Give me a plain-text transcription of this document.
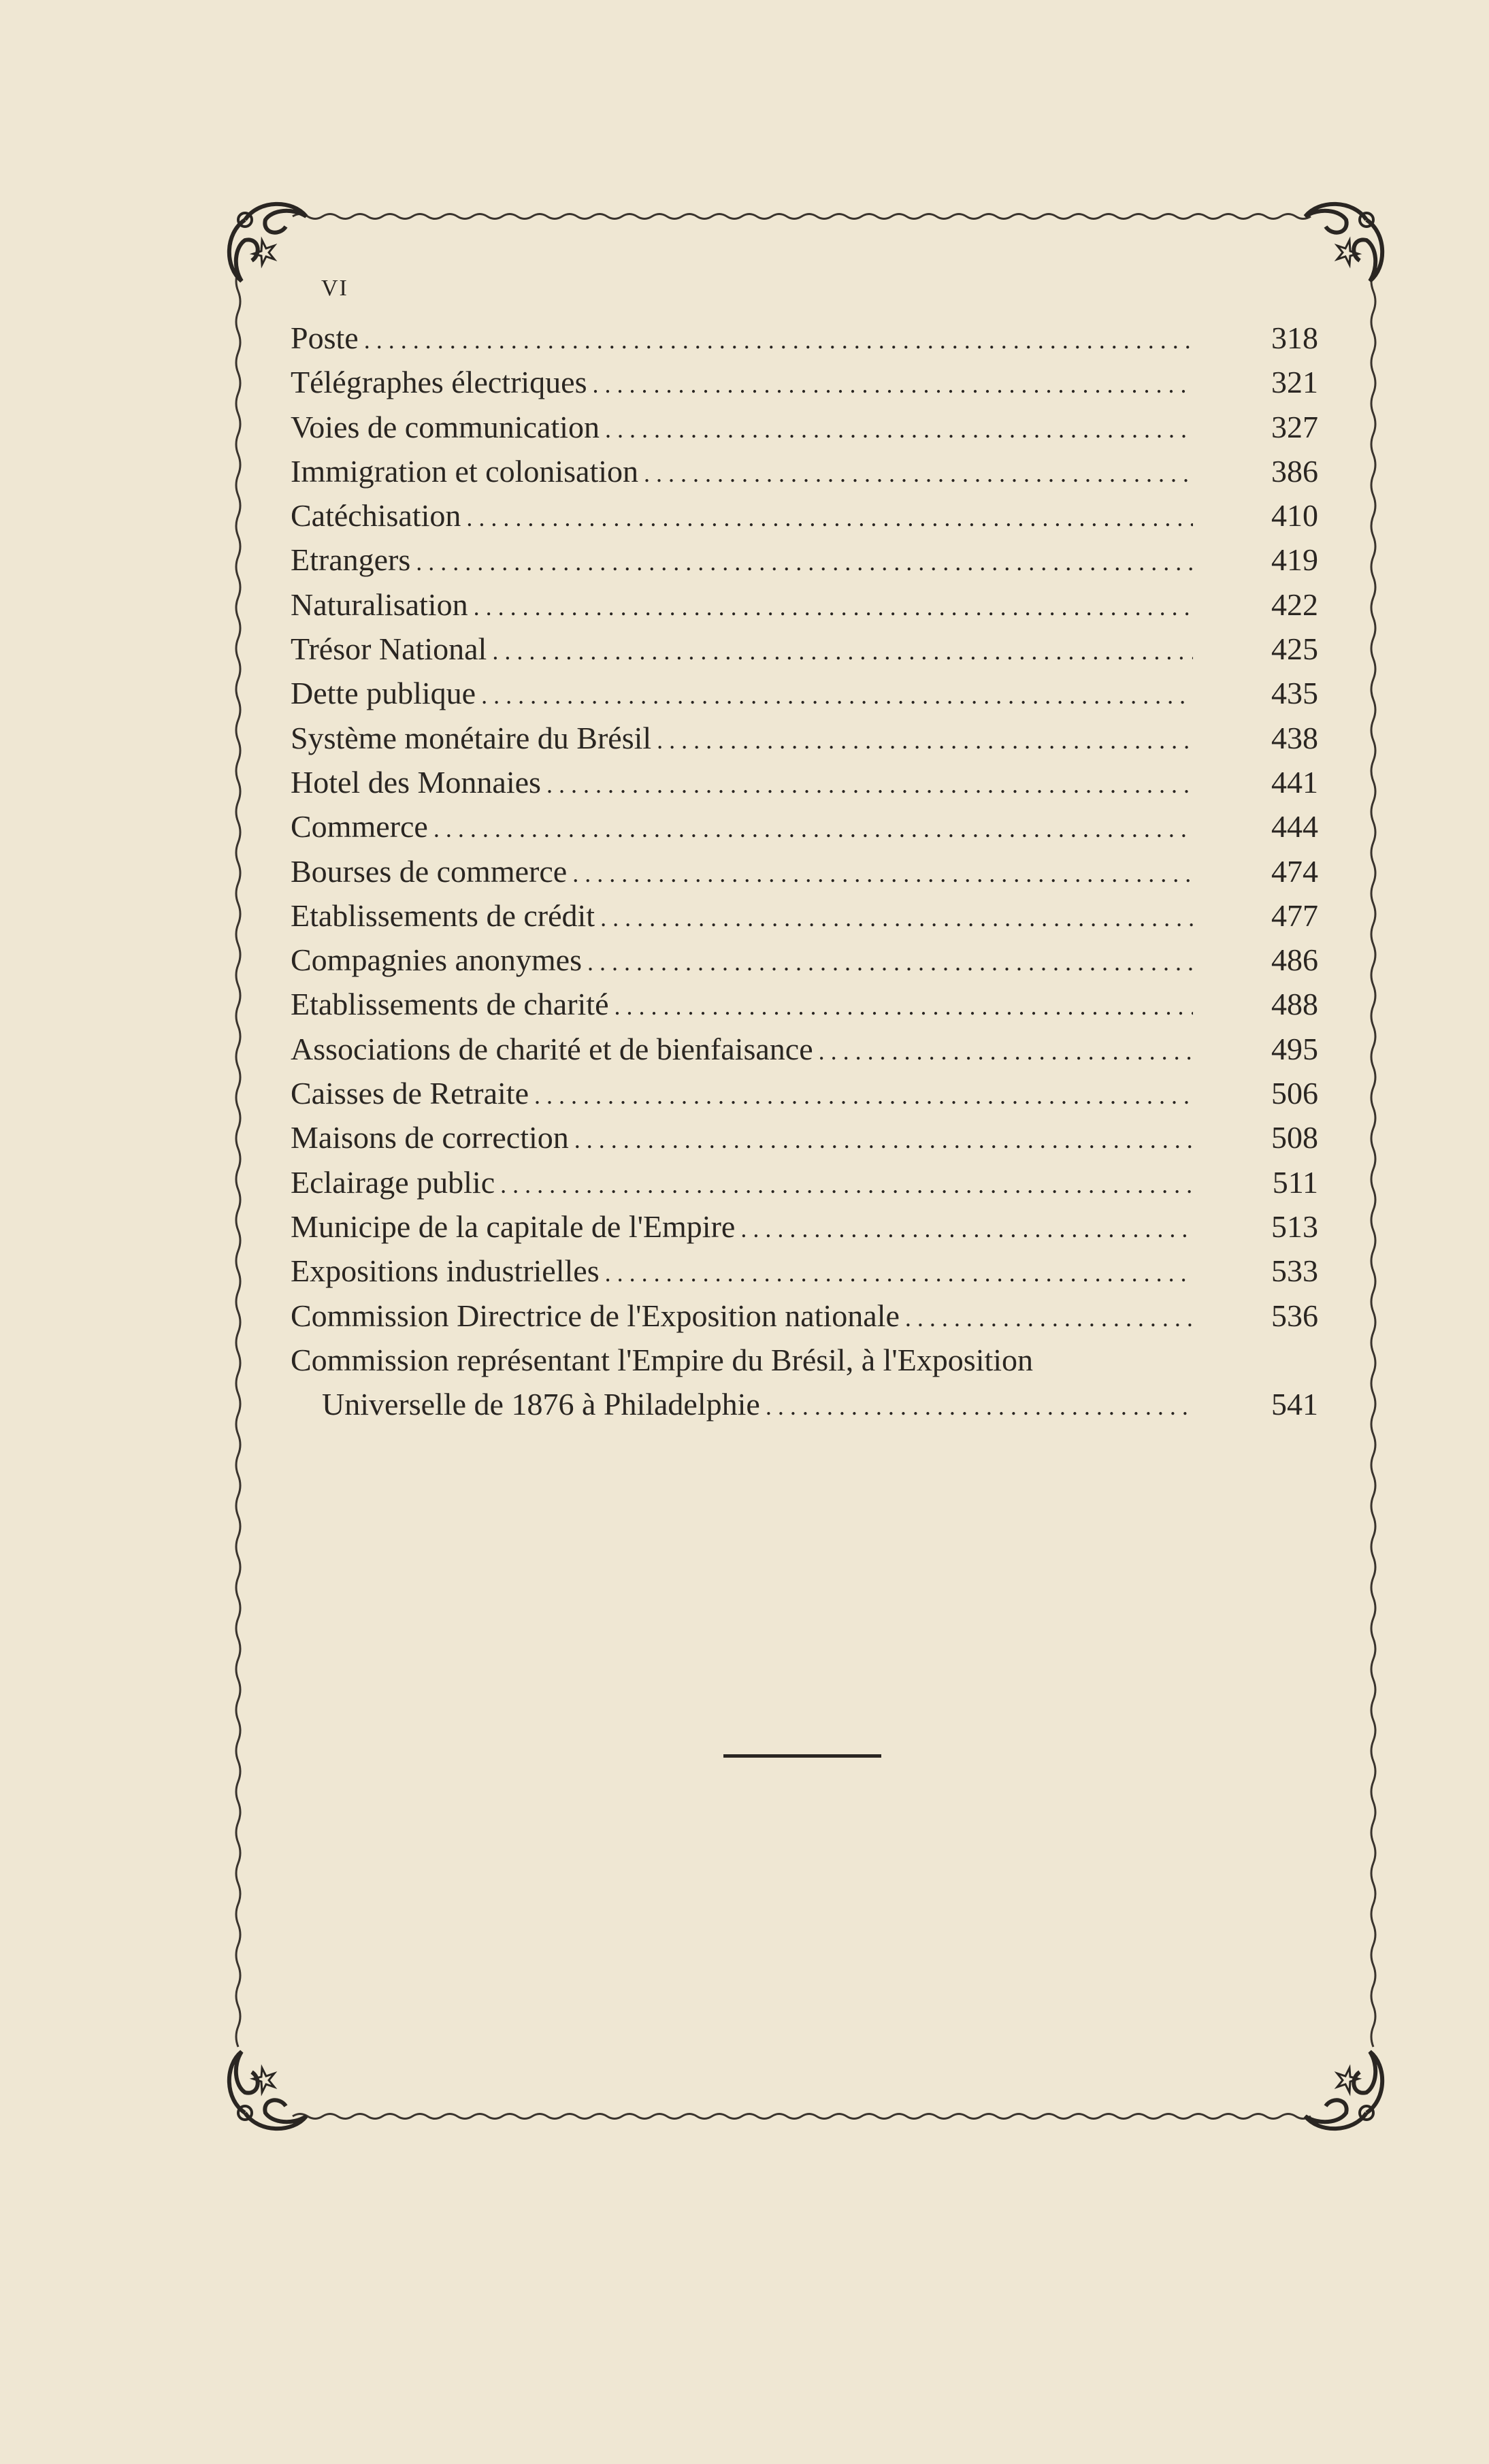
VI
Poste . . .	318
Télégraphes électriques . . .	321
Voies de communication . . .	327
Immigration et colonisation . . .	386
Catéchisation . . .	410
Etrangers . . .	419
Naturalisation . . .	422
Trésor National . . .	425
Dette publique . . .	435
Système monétaire du Brésil . . .	438
Hotel des Monnaies . . .	441
Commerce . . .	444
Bourses de commerce . . .	474
Etablissements de crédit . . .	477
Compagnies anonymes . . .	486
Etablissements de charité . . .	488
Associations de charité et de bienfaisance . . .	495
Caisses de Retraite . . .	506
Maisons de correction . . .	508
Eclairage public . . .	511
Municipe de la capitale de l'Empire . . .	513
Expositions industrielles . . .	533
Commission Directrice de l'Exposition nationale . . .	536
Commission représentant l'Empire du Brésil, à l'Exposition
Universelle de 1876 à Philadelphie . . .	541
